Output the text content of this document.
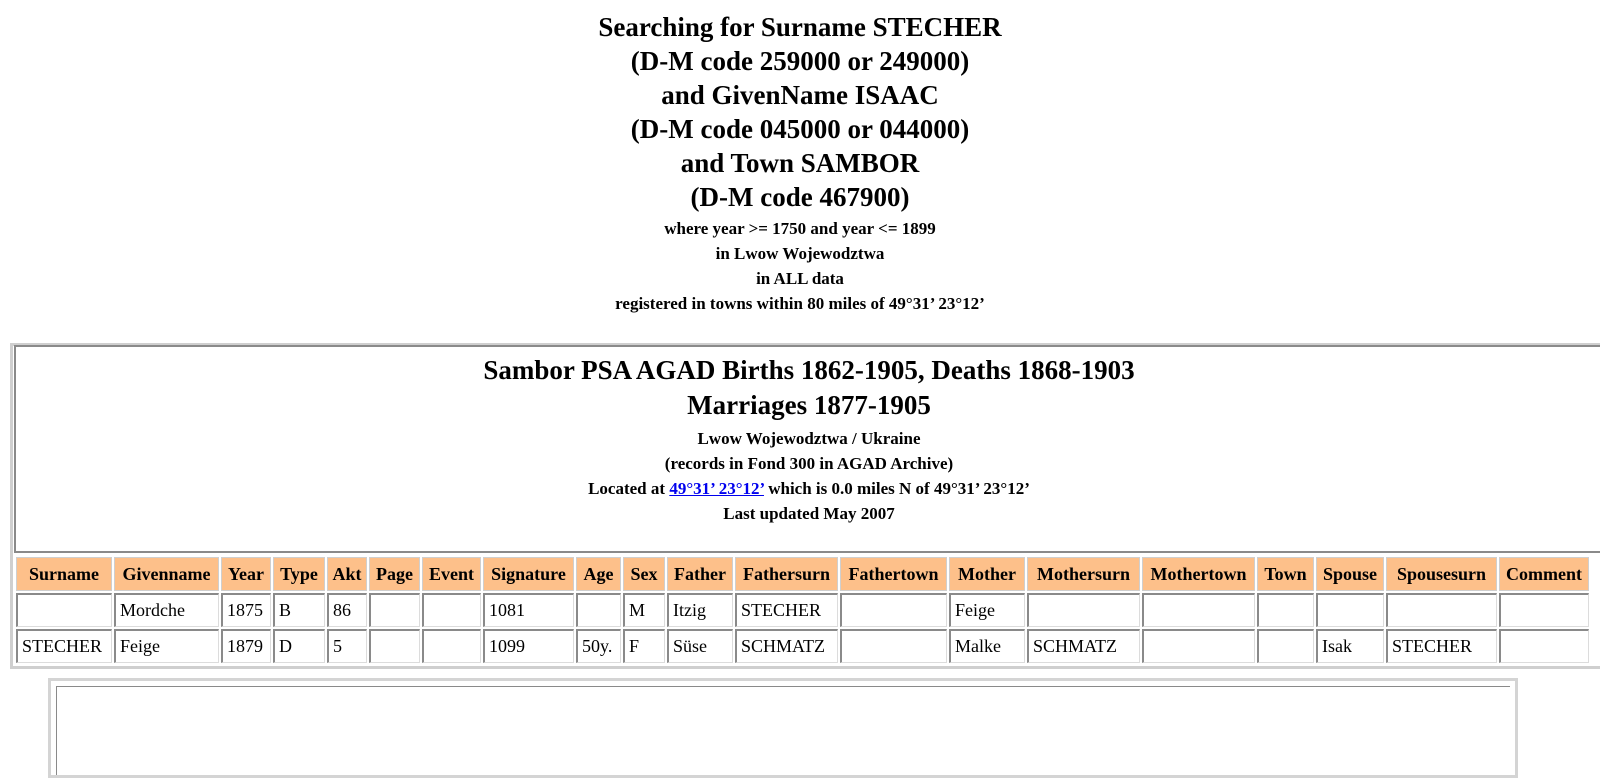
Searching for Surname STECHER
(D-M code 259000 or 249000)
and GivenName ISAAC
(D-M code 045000 or 044000)
and Town SAMBOR
(D-M code 467900)
where year >= 1750 and year <= 1899
in Lwow Wojewodztwa
in ALL data
registered in towns within 80 miles of 49°31’ 23°12’
Sambor PSA AGAD Births 1862-1905, Deaths 1868-1903
Marriages 1877-1905
Lwow Wojewodztwa / Ukraine
(records in Fond 300 in AGAD Archive)
Located at 49°31’ 23°12’ which is 0.0 miles N of 49°31’ 23°12’
Last updated May 2007
Surname	Givenname	Year	Type	Akt	Page	Event	Signature	Age	Sex	Father	Fathersurn	Fathertown	Mother	Mothersurn	Mothertown	Town	Spouse	Spousesurn	Comment
	Mordche	1875	B	86			1081		M	Itzig	STECHER		Feige						
STECHER	Feige	1879	D	5			1099	50y.	F	Süse	SCHMATZ		Malke	SCHMATZ			Isak	STECHER	
